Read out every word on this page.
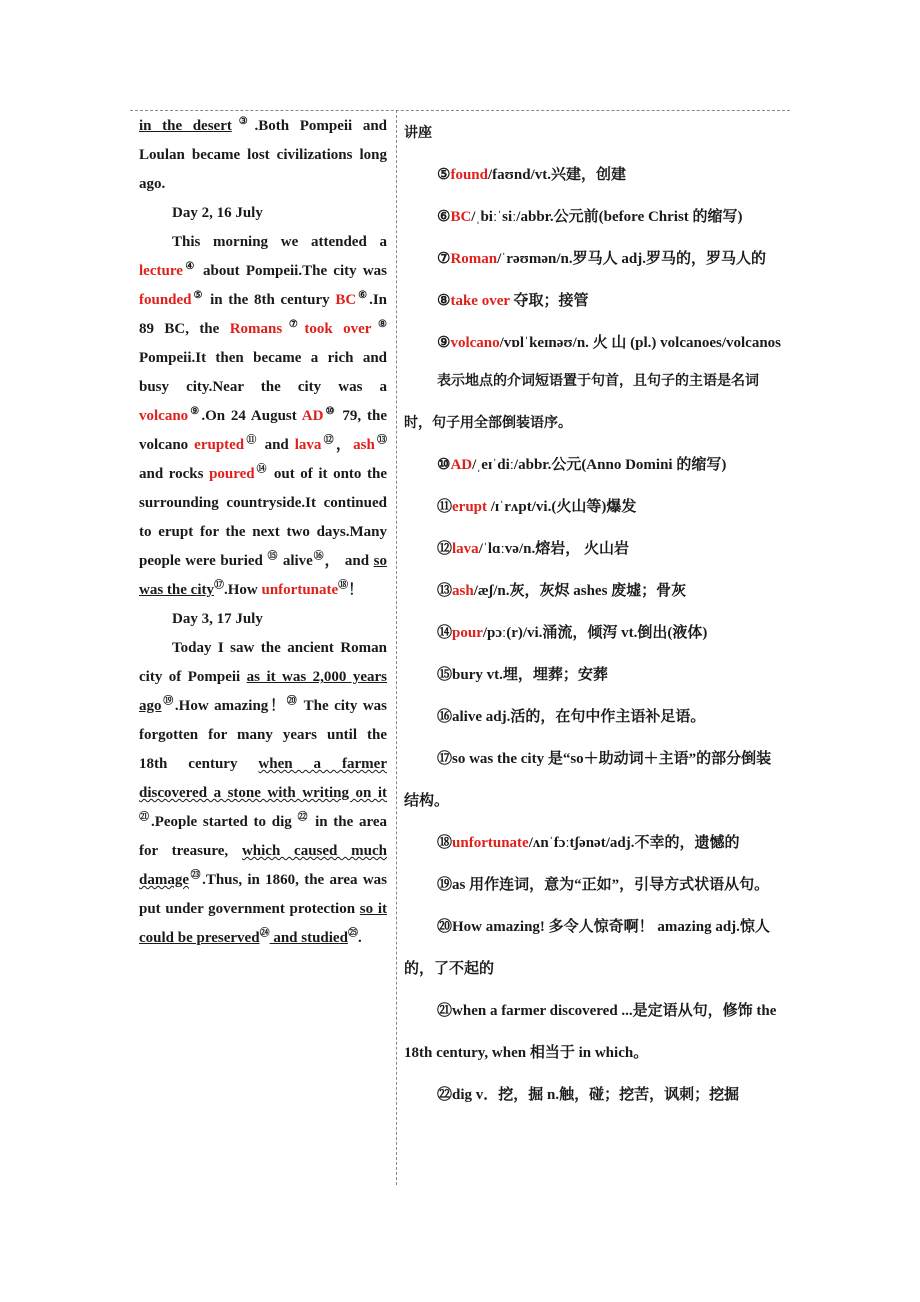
in the desert③.Both Pompeii and Loulan became lost civilizations long ago.

Day 2, 16 July

This morning we attended a lecture④ about Pompeii.The city was founded⑤ in the 8th century BC⑥.In 89 BC, the Romans⑦took over⑧ Pompeii.It then became a rich and busy city.Near the city was a volcano⑨.On 24 August AD⑩ 79, the volcano erupted⑪ and lava⑫，ash⑬ and rocks poured⑭ out of it onto the surrounding countryside.It continued to erupt for the next two days.Many people were buried ⑮ alive⑯， and so was the city⑰.How unfortunate⑱！

Day 3, 17 July

Today I saw the ancient Roman city of Pompeii as it was 2,000 years ago⑲.How amazing！⑳ The city was forgotten for many years until the 18th century when a farmer discovered a stone with writing on $it^㉑.People$ started to dig $^㉒$ in the area for treasure, which caused much damage$^㉓$.Thus, in 1860, the area was put under government protection so it could be preserved$^㉔$ and studied$^㉕$.

讲座

⑤found/faʊnd/vt.兴建，创建

⑥BC/ˌbiːˈsiː/abbr.公元前(before Christ 的缩写)

⑦Roman/ˈrəʊmən/n.罗马人 adj.罗马的，罗马人的

⑧take over 夺取；接管

⑨volcano/vɒlˈkeɪnəʊ/n. 火 山 (pl.) volcanoes/volcanos

表示地点的介词短语置于句首，且句子的主语是名词时，句子用全部倒装语序。

⑩AD/ˌeɪˈdiː/abbr.公元(Anno Domini 的缩写)

⑪erupt /ɪˈrʌpt/vi.(火山等)爆发

⑫lava/ˈlɑːvə/n.熔岩， 火山岩

⑬ash/æʃ/n.灰，灰烬 ashes 废墟；骨灰

⑭pour/pɔː(r)/vi.涌流，倾泻 vt.倒出(液体)

⑮bury vt.埋，埋葬；安葬

⑯alive adj.活的，在句中作主语补足语。

⑰so was the city 是“so＋助动词＋主语”的部分倒装结构。

⑱unfortunate/ʌnˈfɔːtʃənət/adj.不幸的，遗憾的

⑲as 用作连词，意为“正如”，引导方式状语从句。

⑳How amazing! 多令人惊奇啊！ amazing adj.惊人的，了不起的

㉑when a farmer discovered ...是定语从句，修饰 the 18th century, when 相当于 in which。

㉒dig v．挖，掘 n.触，碰；挖苦，讽刺；挖掘
